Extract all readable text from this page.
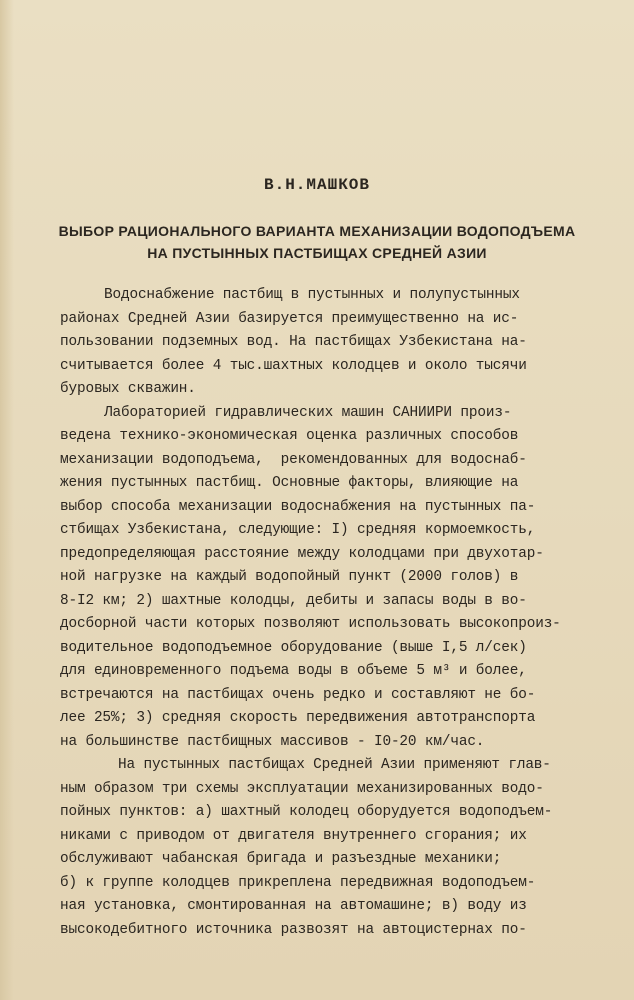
В.Н.МАШКОВ
ВЫБОР РАЦИОНАЛЬНОГО ВАРИАНТА МЕХАНИЗАЦИИ ВОДОПОДЪЕМА
НА ПУСТЫННЫХ ПАСТБИЩАХ СРЕДНЕЙ АЗИИ
Водоснабжение пастбищ в пустынных и полупустынных
районах Средней Азии базируется преимущественно на ис-
пользовании подземных вод. На пастбищах Узбекистана на-
считывается более 4 тыс.шахтных колодцев и около тысячи
буровых скважин.
Лабораторией гидравлических машин САНИИРИ произ-
ведена технико-экономическая оценка различных способов
механизации водоподъема,  рекомендованных для водоснаб-
жения пустынных пастбищ. Основные факторы, влияющие на
выбор способа механизации водоснабжения на пустынных па-
стбищах Узбекистана, следующие: I) средняя кормоемкость,
предопределяющая расстояние между колодцами при двухотар-
ной нагрузке на каждый водопойный пункт (2000 голов) в
8-I2 км; 2) шахтные колодцы, дебиты и запасы воды в во-
досборной части которых позволяют использовать высокопроиз-
водительное водоподъемное оборудование (выше I,5 л/сек)
для единовременного подъема воды в объеме 5 м³ и более,
встречаются на пастбищах очень редко и составляют не бо-
лее 25%; 3) средняя скорость передвижения автотранспорта
на большинстве пастбищных массивов - I0-20 км/час.
На пустынных пастбищах Средней Азии применяют глав-
ным образом три схемы эксплуатации механизированных водо-
пойных пунктов: а) шахтный колодец оборудуется водоподъем-
никами с приводом от двигателя внутреннего сгорания; их
обслуживают чабанская бригада и разъездные механики;
б) к группе колодцев прикреплена передвижная водоподъем-
ная установка, смонтированная на автомашине; в) воду из
высокодебитного источника развозят на автоцистернах по-
